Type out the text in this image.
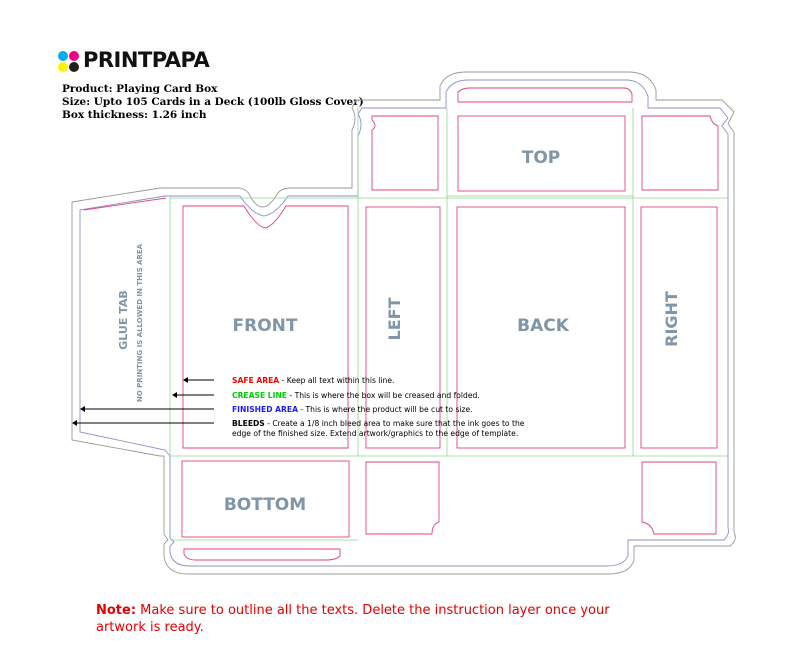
PRINTPAPA
Product: Playing Card Box
Size: Upto 105 Cards in a Deck (100lb Gloss Cover)
Box thickness: 1.26 inch
TOP
FRONT	BACK
BOTTOM
LEFT	RIGHT
GLUE TAB NO PRINTING IS ALLOWED IN THIS AREA	SAFE AREA - Keep all text within this line.
CREASE LINE - This is where the box will be creased and folded.
FINISHED AREA - This is where the product will be cut to size.
BLEEDS - Create a 1/8 inch bleed area to make sure that the ink goes to the
edge of the finished size. Extend artwork/graphics to the edge of template.
Note: Make sure to outline all the texts. Delete the instruction layer once your artwork is ready.
